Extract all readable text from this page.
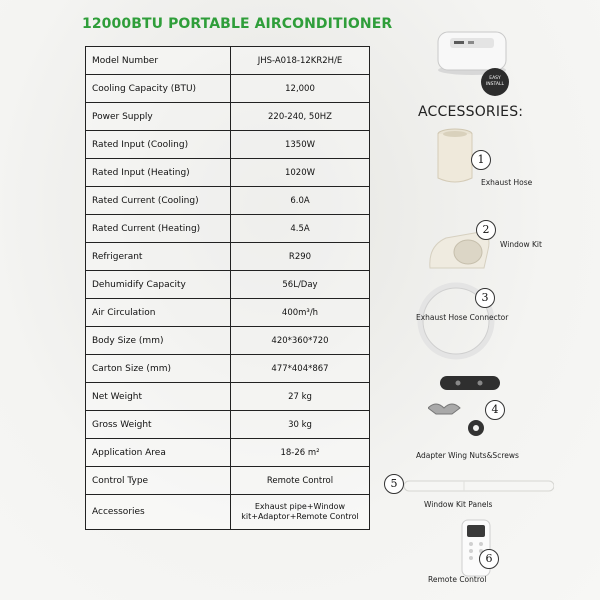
12000BTU PORTABLE AIRCONDITIONER
Model Number	JHS-A018-12KR2H/E
Cooling Capacity (BTU)	12,000
Power Supply	220-240, 50HZ
Rated Input (Cooling)	1350W
Rated Input (Heating)	1020W
Rated Current (Cooling)	6.0A
Rated Current (Heating)	4.5A
Refrigerant	R290
Dehumidify Capacity	56L/Day
Air Circulation	400m³/h
Body Size (mm)	420*360*720
Carton Size (mm)	477*404*867
Net Weight	27 kg
Gross Weight	30 kg
Application Area	18-26 m²
Control Type	Remote Control
Accessories	Exhaust pipe+Window kit+Adaptor+Remote Control
EASY INSTALL
ACCESSORIES:
1
Exhaust Hose
2
Window Kit
3
Exhaust Hose Connector
4
Adapter Wing Nuts&Screws
5
Window Kit Panels
6
Remote Control
